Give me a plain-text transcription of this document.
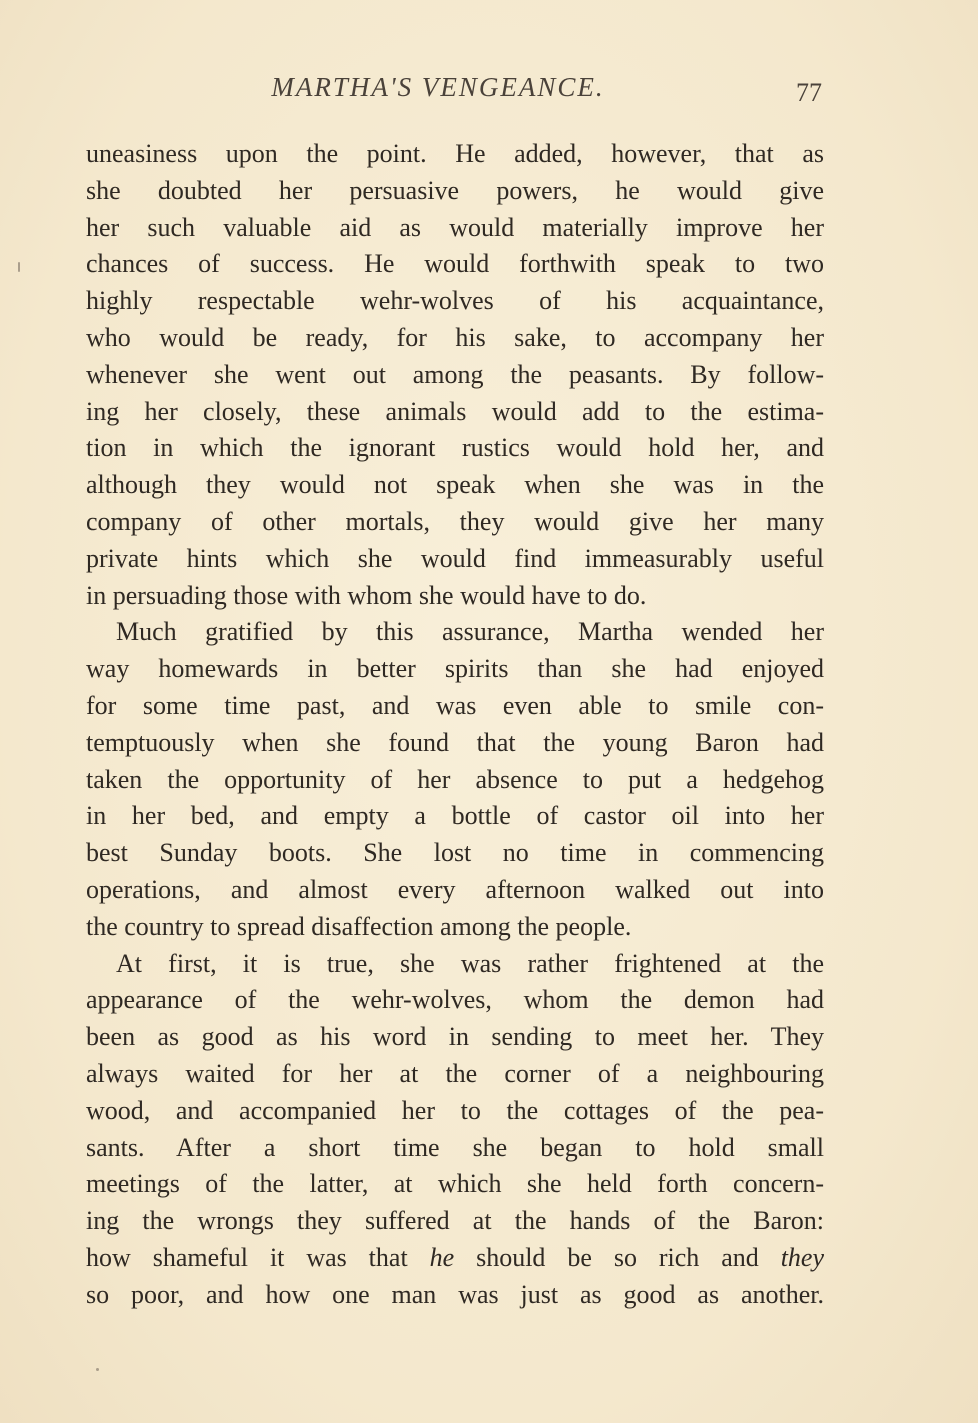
MARTHA'S VENGEANCE.	77

uneasiness upon the point. He added, however, that as
she doubted her persuasive powers, he would give
her such valuable aid as would materially improve her
chances of success. He would forthwith speak to two
highly respectable wehr-wolves of his acquaintance,
who would be ready, for his sake, to accompany her
whenever she went out among the peasants. By follow-
ing her closely, these animals would add to the estima-
tion in which the ignorant rustics would hold her, and
although they would not speak when she was in the
company of other mortals, they would give her many
private hints which she would find immeasurably useful
in persuading those with whom she would have to do.

Much gratified by this assurance, Martha wended her
way homewards in better spirits than she had enjoyed
for some time past, and was even able to smile con-
temptuously when she found that the young Baron had
taken the opportunity of her absence to put a hedgehog
in her bed, and empty a bottle of castor oil into her
best Sunday boots. She lost no time in commencing
operations, and almost every afternoon walked out into
the country to spread disaffection among the people.

At first, it is true, she was rather frightened at the
appearance of the wehr-wolves, whom the demon had
been as good as his word in sending to meet her. They
always waited for her at the corner of a neighbouring
wood, and accompanied her to the cottages of the pea-
sants. After a short time she began to hold small
meetings of the latter, at which she held forth concern-
ing the wrongs they suffered at the hands of the Baron:
how shameful it was that he should be so rich and they
so poor, and how one man was just as good as another.
